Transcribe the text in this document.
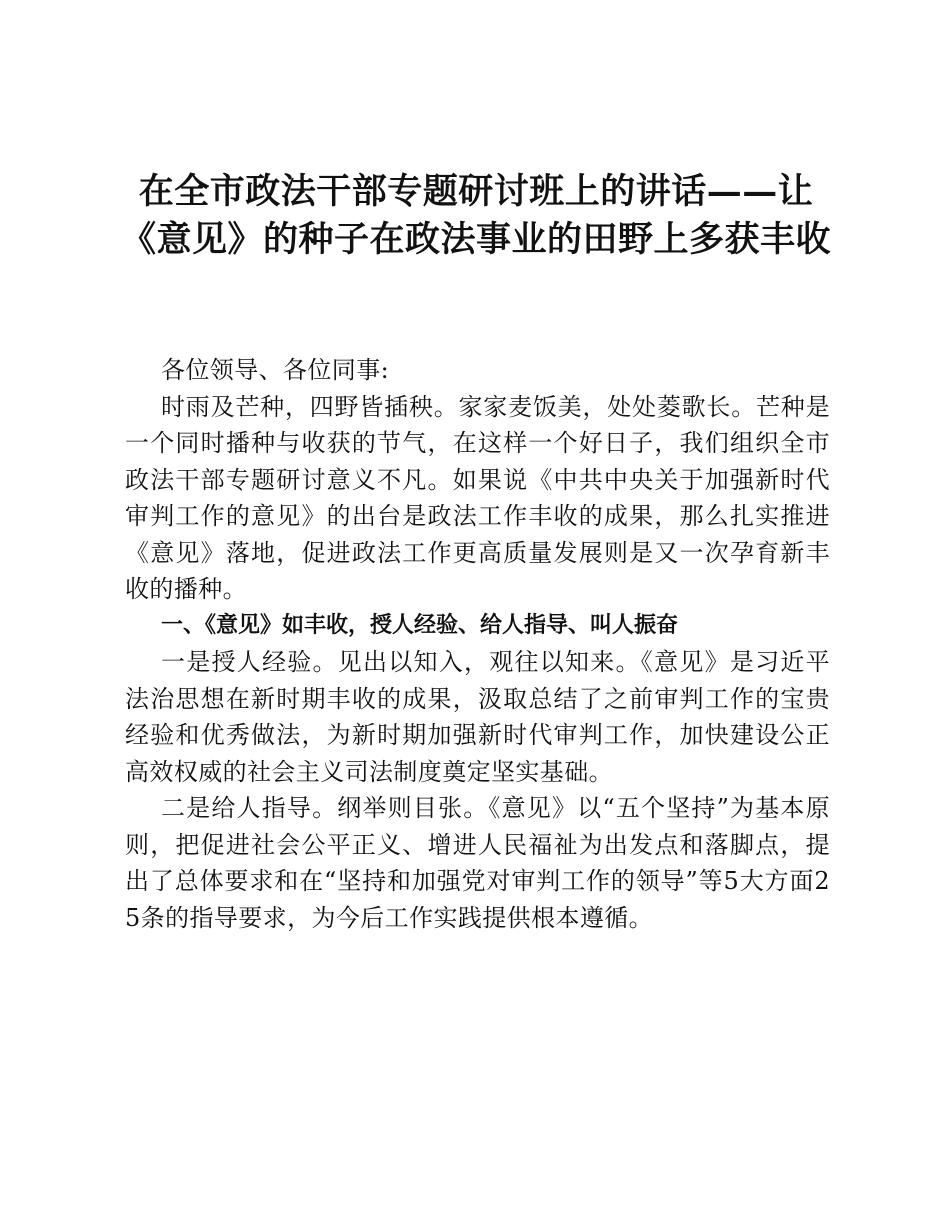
在全市政法干部专题研讨班上的讲话——让
《意见》的种子在政法事业的田野上多获丰收

各位领导、各位同事:

时雨及芒种，四野皆插秧。家家麦饭美，处处菱歌长。芒种是一个同时播种与收获的节气，在这样一个好日子，我们组织全市政法干部专题研讨意义不凡。如果说《中共中央关于加强新时代审判工作的意见》的出台是政法工作丰收的成果，那么扎实推进《意见》落地，促进政法工作更高质量发展则是又一次孕育新丰收的播种。

一、《意见》如丰收，授人经验、给人指导、叫人振奋

一是授人经验。见出以知入，观往以知来。《意见》是习近平法治思想在新时期丰收的成果，汲取总结了之前审判工作的宝贵经验和优秀做法，为新时期加强新时代审判工作，加快建设公正高效权威的社会主义司法制度奠定坚实基础。

二是给人指导。纲举则目张。《意见》以“五个坚持”为基本原则，把促进社会公平正义、增进人民福祉为出发点和落脚点，提出了总体要求和在“坚持和加强党对审判工作的领导”等5大方面25条的指导要求，为今后工作实践提供根本遵循。
